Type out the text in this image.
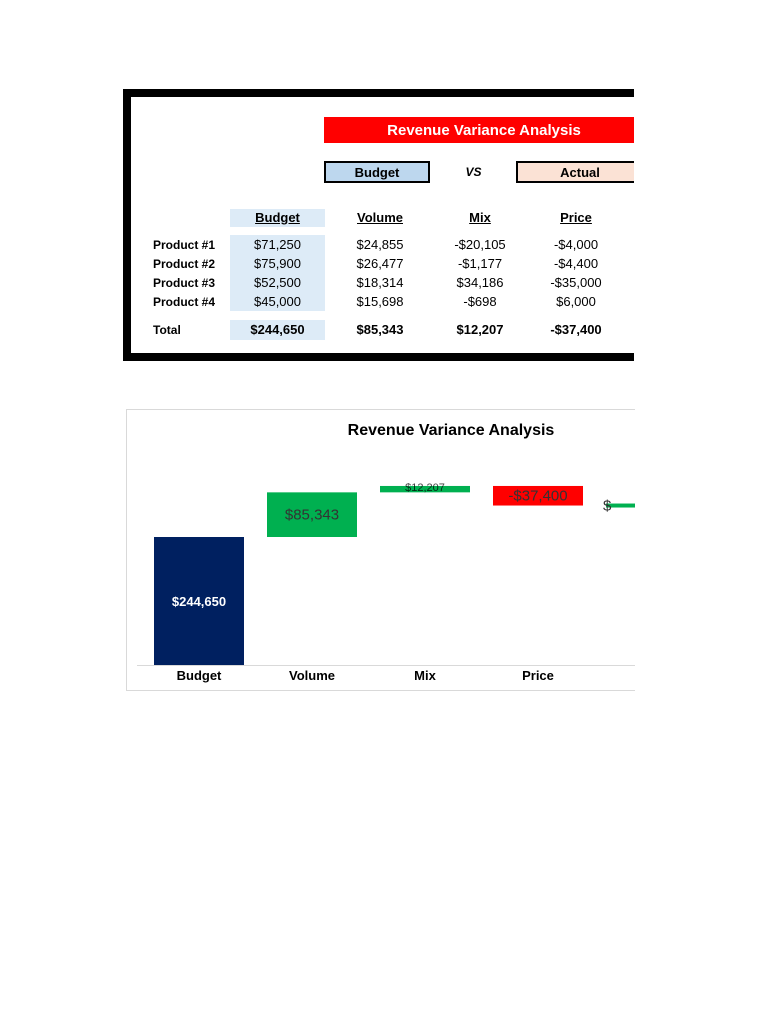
Revenue Variance Analysis
Budget	VS	Actual
Budget	Volume	Mix	Price
Product #1	$71,250	$24,855	-$20,105	-$4,000
Product #2	$75,900	$26,477	-$1,177	-$4,400
Product #3	$52,500	$18,314	$34,186	-$35,000
Product #4	$45,000	$15,698	-$698	$6,000
Total	$244,650	$85,343	$12,207	-$37,400
Revenue Variance Analysis
$244,650
Budget
$85,343
Volume
$12,207
Mix
-$37,400
Price
$
